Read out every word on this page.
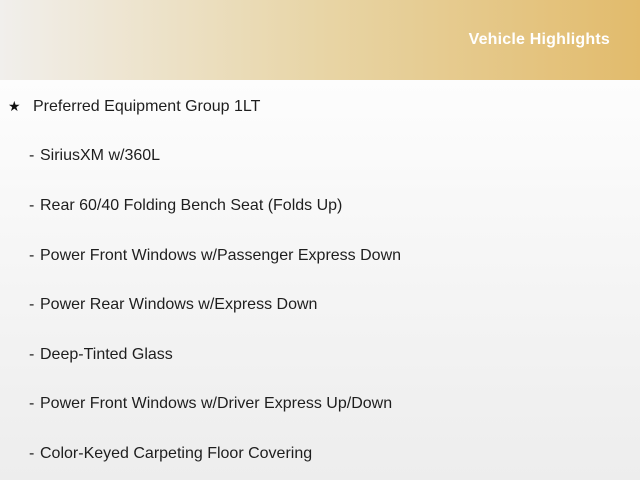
Vehicle Highlights
★ Preferred Equipment Group 1LT
- SiriusXM w/360L
- Rear 60/40 Folding Bench Seat (Folds Up)
- Power Front Windows w/Passenger Express Down
- Power Rear Windows w/Express Down
- Deep-Tinted Glass
- Power Front Windows w/Driver Express Up/Down
- Color-Keyed Carpeting Floor Covering
